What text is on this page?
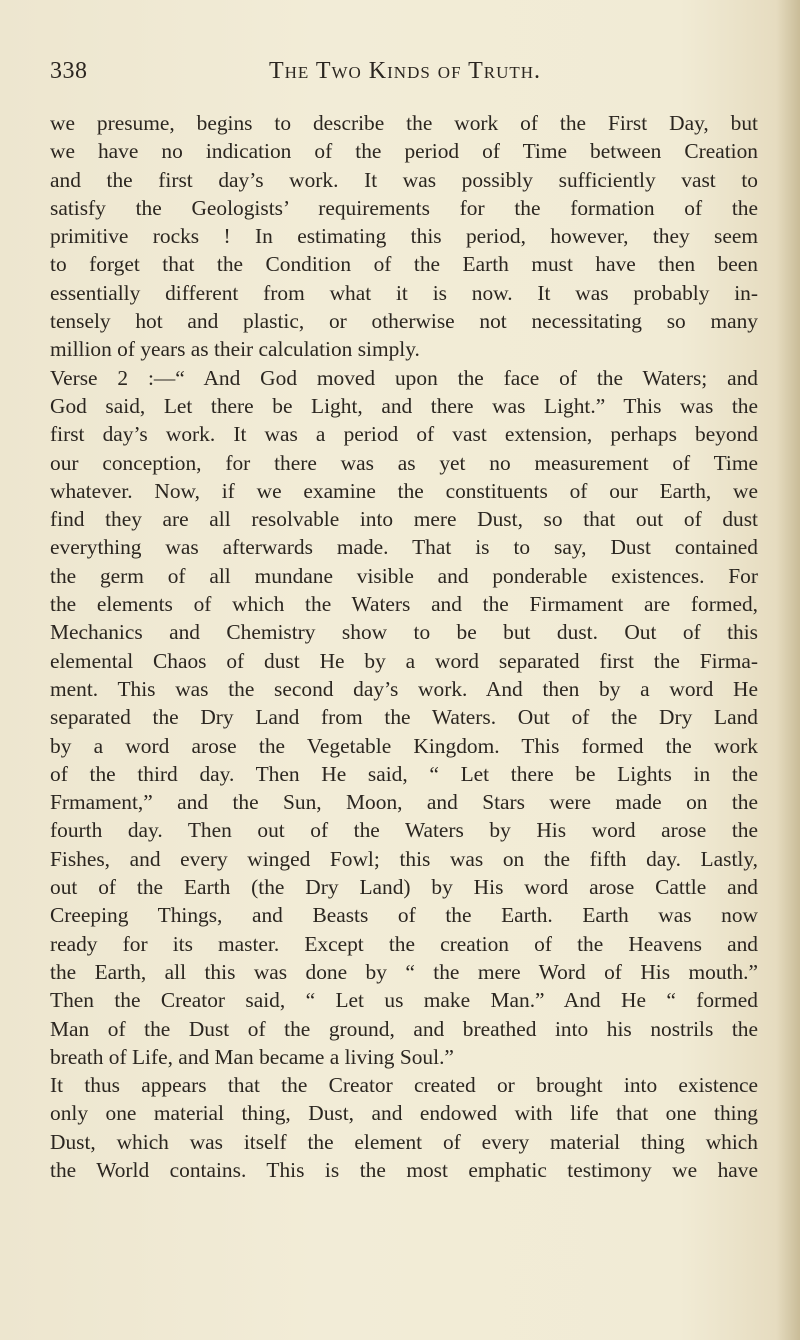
338	The Two Kinds of Truth.
we presume, begins to describe the work of the First Day, but
we have no indication of the period of Time between Creation
and the first day’s work. It was possibly sufficiently vast to
satisfy the Geologists’ requirements for the formation of the
primitive rocks ! In estimating this period, however, they seem
to forget that the Condition of the Earth must have then been
essentially different from what it is now. It was probably in-
tensely hot and plastic, or otherwise not necessitating so many
million of years as their calculation simply.
Verse 2 :—“ And God moved upon the face of the Waters; and
God said, Let there be Light, and there was Light.” This was the
first day’s work. It was a period of vast extension, perhaps beyond
our conception, for there was as yet no measurement of Time
whatever. Now, if we examine the constituents of our Earth, we
find they are all resolvable into mere Dust, so that out of dust
everything was afterwards made. That is to say, Dust contained
the germ of all mundane visible and ponderable existences. For
the elements of which the Waters and the Firmament are formed,
Mechanics and Chemistry show to be but dust. Out of this
elemental Chaos of dust He by a word separated first the Firma-
ment. This was the second day’s work. And then by a word He
separated the Dry Land from the Waters. Out of the Dry Land
by a word arose the Vegetable Kingdom. This formed the work
of the third day. Then He said, “ Let there be Lights in the
Frmament,” and the Sun, Moon, and Stars were made on the
fourth day. Then out of the Waters by His word arose the
Fishes, and every winged Fowl; this was on the fifth day. Lastly,
out of the Earth (the Dry Land) by His word arose Cattle and
Creeping Things, and Beasts of the Earth. Earth was now
ready for its master. Except the creation of the Heavens and
the Earth, all this was done by “ the mere Word of His mouth.”
Then the Creator said, “ Let us make Man.” And He “ formed
Man of the Dust of the ground, and breathed into his nostrils the
breath of Life, and Man became a living Soul.”
It thus appears that the Creator created or brought into existence
only one material thing, Dust, and endowed with life that one thing
Dust, which was itself the element of every material thing which
the World contains. This is the most emphatic testimony we have
